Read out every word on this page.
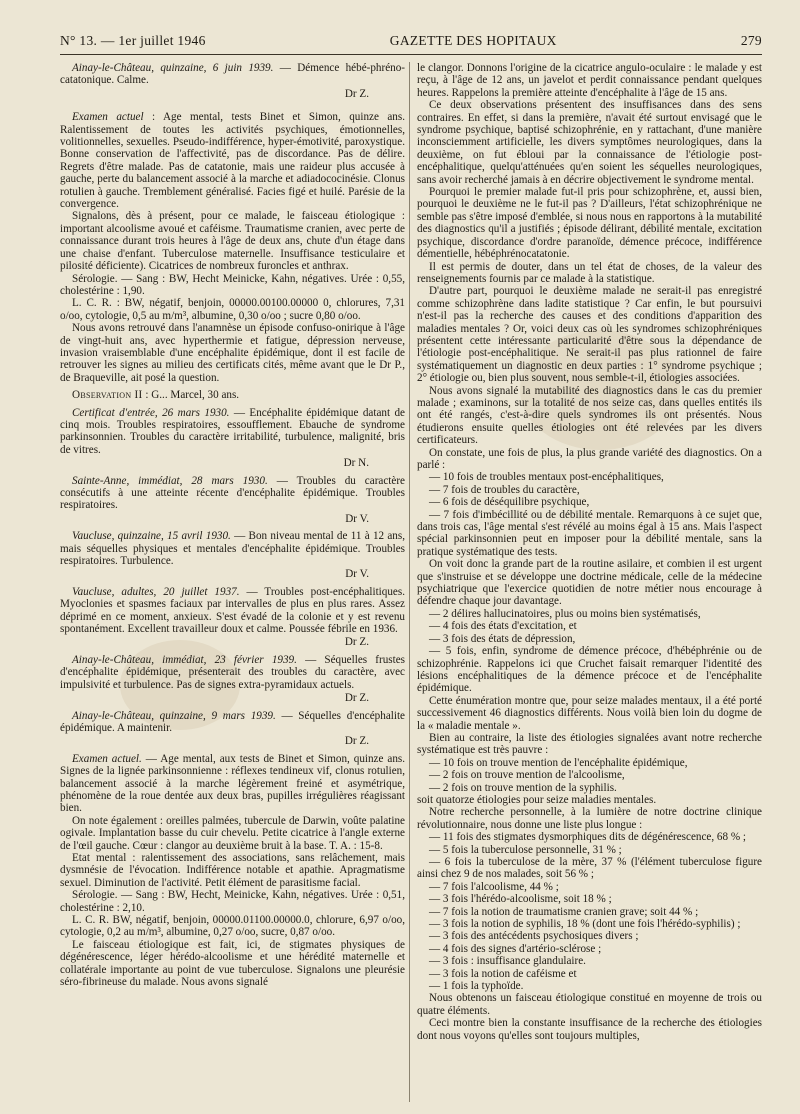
N° 13. — 1er juillet 1946	GAZETTE DES HOPITAUX	279

Ainay-le-Château, quinzaine, 6 juin 1939. — Démence hébé-phréno-catatonique. Calme.

Dr Z.

Examen actuel : Age mental, tests Binet et Simon, quinze ans. Ralentissement de toutes les activités psychiques, émotionnelles, volitionnelles, sexuelles. Pseudo-indifférence, hyper-émotivité, paroxystique. Bonne conservation de l'affectivité, pas de discordance. Pas de délire. Regrets d'être malade. Pas de catatonie, mais une raideur plus accusée à gauche, perte du balancement associé à la marche et adiadococinésie. Clonus rotulien à gauche. Tremblement généralisé. Facies figé et huilé. Parésie de la convergence.

Signalons, dès à présent, pour ce malade, le faisceau étiologique : important alcoolisme avoué et caféisme. Traumatisme cranien, avec perte de connaissance durant trois heures à l'âge de deux ans, chute d'un étage dans une chaise d'enfant. Tuberculose maternelle. Insuffisance testiculaire et pilosité déficiente). Cicatrices de nombreux furoncles et anthrax.

Sérologie. — Sang : BW, Hecht Meinicke, Kahn, négatives. Urée : 0,55, cholestérine : 1,90.

L. C. R. : BW, négatif, benjoin, 00000.00100.00000 0, chlorures, 7,31 o/oo, cytologie, 0,5 au m/m³, albumine, 0,30 o/oo ; sucre 0,80 o/oo.

Nous avons retrouvé dans l'anamnèse un épisode confuso-onirique à l'âge de vingt-huit ans, avec hyperthermie et fatigue, dépression nerveuse, invasion vraisemblable d'une encéphalite épidémique, dont il est facile de retrouver les signes au milieu des certificats cités, même avant que le Dr P., de Braqueville, ait posé la question.

Observation II : G... Marcel, 30 ans.

Certificat d'entrée, 26 mars 1930. — Encéphalite épidémique datant de cinq mois. Troubles respiratoires, essoufflement. Ebauche de syndrome parkinsonnien. Troubles du caractère irritabilité, turbulence, malignité, bris de vitres.

Dr N.

Sainte-Anne, immédiat, 28 mars 1930. — Troubles du caractère consécutifs à une atteinte récente d'encéphalite épidémique. Troubles respiratoires.

Dr V.

Vaucluse, quinzaine, 15 avril 1930. — Bon niveau mental de 11 à 12 ans, mais séquelles physiques et mentales d'encéphalite épidémique. Troubles respiratoires. Turbulence.

Dr V.

Vaucluse, adultes, 20 juillet 1937. — Troubles post-encéphalitiques. Myoclonies et spasmes faciaux par intervalles de plus en plus rares. Assez déprimé en ce moment, anxieux. S'est évadé de la colonie et y est revenu spontanément. Excellent travailleur doux et calme. Poussée fébrile en 1936.

Dr Z.

Ainay-le-Château, immédiat, 23 février 1939. — Séquelles frustes d'encéphalite épidémique, présenterait des troubles du caractère, avec impulsivité et turbulence. Pas de signes extra-pyramidaux actuels.

Dr Z.

Ainay-le-Château, quinzaine, 9 mars 1939. — Séquelles d'encéphalite épidémique. A maintenir.

Dr Z.

Examen actuel. — Age mental, aux tests de Binet et Simon, quinze ans. Signes de la lignée parkinsonnienne : réflexes tendineux vif, clonus rotulien, balancement associé à la marche légèrement freiné et asymétrique, phénomène de la roue dentée aux deux bras, pupilles irrégulières réagissant bien.

On note également : oreilles palmées, tubercule de Darwin, voûte palatine ogivale. Implantation basse du cuir chevelu. Petite cicatrice à l'angle externe de l'œil gauche. Cœur : clangor au deuxième bruit à la base. T. A. : 15-8.

Etat mental : ralentissement des associations, sans relâchement, mais dysmnésie de l'évocation. Indifférence notable et apathie. Apragmatisme sexuel. Diminution de l'activité. Petit élément de parasitisme facial.

Sérologie. — Sang : BW, Hecht, Meinicke, Kahn, négatives. Urée : 0,51, cholestérine : 2,10.

L. C. R. BW, négatif, benjoin, 00000.01100.00000.0, chlorure, 6,97 o/oo, cytologie, 0,2 au m/m³, albumine, 0,27 o/oo, sucre, 0,87 o/oo.

Le faisceau étiologique est fait, ici, de stigmates physiques de dégénérescence, léger hérédo-alcoolisme et une hérédité maternelle et collatérale importante au point de vue tuberculose. Signalons une pleurésie séro-fibrineuse du malade. Nous avons signalé

le clangor. Donnons l'origine de la cicatrice angulo-oculaire : le malade y est reçu, à l'âge de 12 ans, un javelot et perdit connaissance pendant quelques heures. Rappelons la première atteinte d'encéphalite à l'âge de 15 ans.

Ce deux observations présentent des insuffisances dans des sens contraires. En effet, si dans la première, n'avait été surtout envisagé que le syndrome psychique, baptisé schizophrénie, en y rattachant, d'une manière inconsciemment artificielle, les divers symptômes neurologiques, dans la deuxième, on fut ébloui par la connaissance de l'étiologie post-encéphalitique, quelqu'atténuées qu'en soient les séquelles neurologiques, sans avoir recherché jamais à en décrire objectivement le syndrome mental.

Pourquoi le premier malade fut-il pris pour schizophrène, et, aussi bien, pourquoi le deuxième ne le fut-il pas ? D'ailleurs, l'état schizophrénique ne semble pas s'être imposé d'emblée, si nous nous en rapportons à la mutabilité des diagnostics qu'il a justifiés ; épisode délirant, débilité mentale, excitation psychique, discordance d'ordre paranoïde, démence précoce, indifférence démentielle, hébéphrénocatatonie.

Il est permis de douter, dans un tel état de choses, de la valeur des renseignements fournis par ce malade à la statistique.

D'autre part, pourquoi le deuxième malade ne serait-il pas enregistré comme schizophrène dans ladite statistique ? Car enfin, le but poursuivi n'est-il pas la recherche des causes et des conditions d'apparition des maladies mentales ? Or, voici deux cas où les syndromes schizophréniques présentent cette intéressante particularité d'être sous la dépendance de l'étiologie post-encéphalitique. Ne serait-il pas plus rationnel de faire systématiquement un diagnostic en deux parties : 1° syndrome psychique ; 2° étiologie ou, bien plus souvent, nous semble-t-il, étiologies associées.

Nous avons signalé la mutabilité des diagnostics dans le cas du premier malade ; examinons, sur la totalité de nos seize cas, dans quelles entités ils ont été rangés, c'est-à-dire quels syndromes ils ont présentés. Nous étudierons ensuite quelles étiologies ont été relevées par les divers certificateurs.

On constate, une fois de plus, la plus grande variété des diagnostics. On a parlé :

— 10 fois de troubles mentaux post-encéphalitiques,

— 7 fois de troubles du caractère,

— 6 fois de déséquilibre psychique,

— 7 fois d'imbécillité ou de débilité mentale. Remarquons à ce sujet que, dans trois cas, l'âge mental s'est révélé au moins égal à 15 ans. Mais l'aspect spécial parkinsonnien peut en imposer pour la débilité mentale, sans la pratique systématique des tests.

On voit donc la grande part de la routine asilaire, et combien il est urgent que s'instruise et se développe une doctrine médicale, celle de la médecine psychiatrique que l'exercice quotidien de notre métier nous encourage à défendre chaque jour davantage.

— 2 délires hallucinatoires, plus ou moins bien systématisés,

— 4 fois des états d'excitation, et

— 3 fois des états de dépression,

— 5 fois, enfin, syndrome de démence précoce, d'hébéphrénie ou de schizophrénie. Rappelons ici que Cruchet faisait remarquer l'identité des lésions encéphalitiques de la démence précoce et de l'encéphalite épidémique.

Cette énumération montre que, pour seize malades mentaux, il a été porté successivement 46 diagnostics différents. Nous voilà bien loin du dogme de la « maladie mentale ».

Bien au contraire, la liste des étiologies signalées avant notre recherche systématique est très pauvre :

— 10 fois on trouve mention de l'encéphalite épidémique,

— 2 fois on trouve mention de l'alcoolisme,

— 2 fois on trouve mention de la syphilis.

soit quatorze étiologies pour seize maladies mentales.

Notre recherche personnelle, à la lumière de notre doctrine clinique révolutionnaire, nous donne une liste plus longue :

— 11 fois des stigmates dysmorphiques dits de dégénérescence, 68 % ;

— 5 fois la tuberculose personnelle, 31 % ;

— 6 fois la tuberculose de la mère, 37 % (l'élément tuberculose figure ainsi chez 9 de nos malades, soit 56 % ;

— 7 fois l'alcoolisme, 44 % ;

— 3 fois l'hérédo-alcoolisme, soit 18 % ;

— 7 fois la notion de traumatisme cranien grave; soit 44 % ;

— 3 fois la notion de syphilis, 18 % (dont une fois l'hérédo-syphilis) ;

— 3 fois des antécédents psychosiques divers ;

— 4 fois des signes d'artério-sclérose ;

— 3 fois : insuffisance glandulaire.

— 3 fois la notion de caféisme et

— 1 fois la typhoïde.

Nous obtenons un faisceau étiologique constitué en moyenne de trois ou quatre éléments.

Ceci montre bien la constante insuffisance de la recherche des étiologies dont nous voyons qu'elles sont toujours multiples,
